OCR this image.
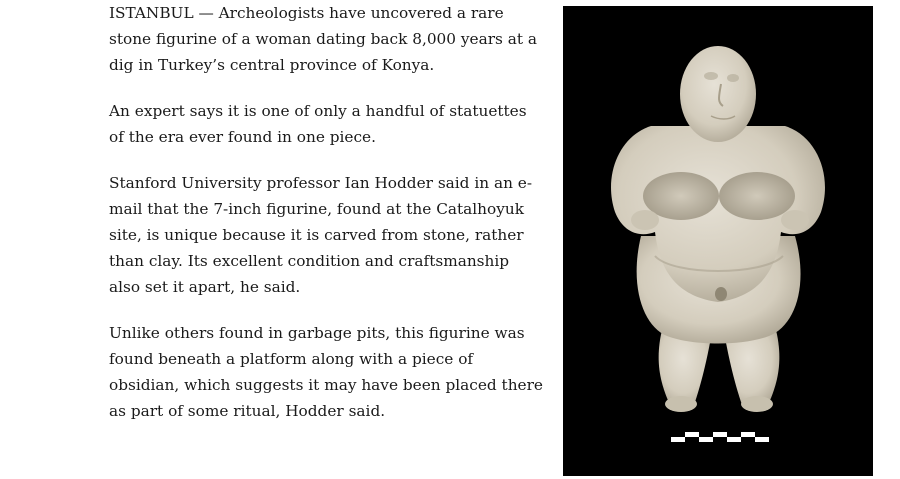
ISTANBUL — Archeologists have uncovered a rare stone figurine of a woman dating back 8,000 years at a dig in Turkey’s central province of Konya.

An expert says it is one of only a handful of statuettes of the era ever found in one piece.

Stanford University professor Ian Hodder said in an e-mail that the 7-inch figurine, found at the Catalhoyuk site, is unique because it is carved from stone, rather than clay. Its excellent condition and craftsmanship also set it apart, he said.

Unlike others found in garbage pits, this figurine was found beneath a platform along with a piece of obsidian, which suggests it may have been placed there as part of some ritual, Hodder said.
